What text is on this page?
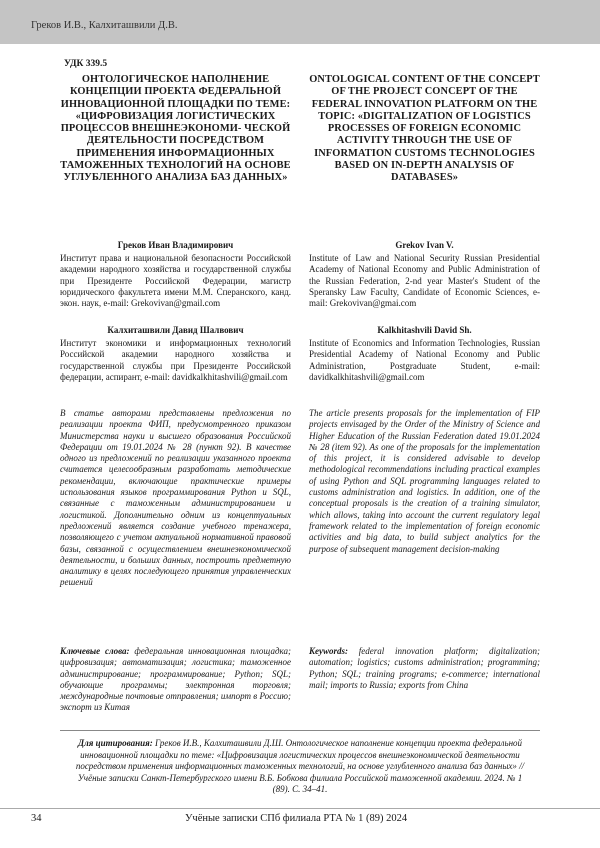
Греков И.В., Калхиташвили Д.В.
УДК 339.5
ОНТОЛОГИЧЕСКОЕ НАПОЛНЕНИЕ КОНЦЕПЦИИ ПРОЕКТА ФЕДЕРАЛЬНОЙ ИННОВАЦИОННОЙ ПЛОЩАДКИ ПО ТЕМЕ: «ЦИФРОВИЗАЦИЯ ЛОГИСТИЧЕСКИХ ПРОЦЕССОВ ВНЕШНЕЭКОНОМИ- ЧЕСКОЙ ДЕЯТЕЛЬНОСТИ ПОСРЕДСТВОМ ПРИМЕНЕНИЯ ИНФОРМАЦИОННЫХ ТАМОЖЕННЫХ ТЕХНОЛОГИЙ НА ОСНОВЕ УГЛУБЛЕННОГО АНАЛИЗА БАЗ ДАННЫХ»
ONTOLOGICAL CONTENT OF THE CONCEPT OF THE PROJECT CONCEPT OF THE FEDERAL INNOVATION PLATFORM ON THE TOPIC: «DIGITALIZATION OF LOGISTICS PROCESSES OF FOREIGN ECONOMIC ACTIVITY THROUGH THE USE OF INFORMATION CUSTOMS TECHNOLOGIES BASED ON IN-DEPTH ANALYSIS OF DATABASES»
Греков Иван Владимирович
Институт права и национальной безопасности Российской академии народного хозяйства и государственной службы при Президенте Российской Федерации, магистр юридического факультета имени М.М. Сперанского, канд. экон. наук, e-mail: Grekovivan@gmail.com
Калхиташвили Давид Шалвович
Институт экономики и информационных технологий Российской академии народного хозяйства и государственной службы при Президенте Российской федерации, аспирант, e-mail: davidkalkhitashvili@gmail.com
Grekov Ivan V.
Institute of Law and National Security Russian Presidential Academy of National Economy and Public Administration of the Russian Federation, 2-nd year Master's Student of the Speransky Law Faculty, Candidate of Economic Sciences, e-mail: Grekovivan@gmai.com
Kalkhitashvili David Sh.
Institute of Economics and Information Technologies, Russian Presidential Academy of National Economy and Public Administration, Postgraduate Student, e-mail: davidkalkhitashvili@gmail.com
В статье авторами представлены предложения по реализации проекта ФИП, предусмотренного приказом Министерства науки и высшего образования Российской Федерации от 19.01.2024 № 28 (пункт 92). В качестве одного из предложений по реализации указанного проекта считается целесообразным разработать методические рекомендации, включающие практические примеры использования языков программирования Python и SQL, связанные с таможенным администрированием и логистикой. Дополнительно одним из концептуальных предложений является создание учебного тренажера, позволяющего с учетом актуальной нормативной правовой базы, связанной с осуществлением внешнеэкономической деятельности, и больших данных, построить предметную аналитику в целях последующего принятия управленческих решений
The article presents proposals for the implementation of FIP projects envisaged by the Order of the Ministry of Science and Higher Education of the Russian Federation dated 19.01.2024 № 28 (item 92). As one of the proposals for the implementation of this project, it is considered advisable to develop methodological recommendations including practical examples of using Python and SQL programming languages related to customs administration and logistics. In addition, one of the conceptual proposals is the creation of a training simulator, which allows, taking into account the current regulatory legal framework related to the implementation of foreign economic activities and big data, to build subject analytics for the purpose of subsequent management decision-making
Ключевые слова: федеральная инновационная площадка; цифровизация; автоматизация; логистика; таможенное администрирование; программирование; Python; SQL; обучающие программы; электронная торговля; международные почтовые отправления; импорт в Россию; экспорт из Китая
Keywords: federal innovation platform; digitalization; automation; logistics; customs administration; programming; Python; SQL; training programs; e-commerce; international mail; imports to Russia; exports from China
Для цитирования: Греков И.В., Калхиташвили Д.Ш. Онтологическое наполнение концепции проекта федеральной инновационной площадки по теме: «Цифровизация логистических процессов внешнеэкономической деятельности посредством применения информационных таможенных технологий, на основе углубленного анализа баз данных» // Учёные записки Санкт-Петербургского имени В.Б. Бобкова филиала Российской таможенной академии. 2024. № 1 (89). С. 34–41.
34	Учёные записки СПб филиала РТА № 1 (89) 2024
